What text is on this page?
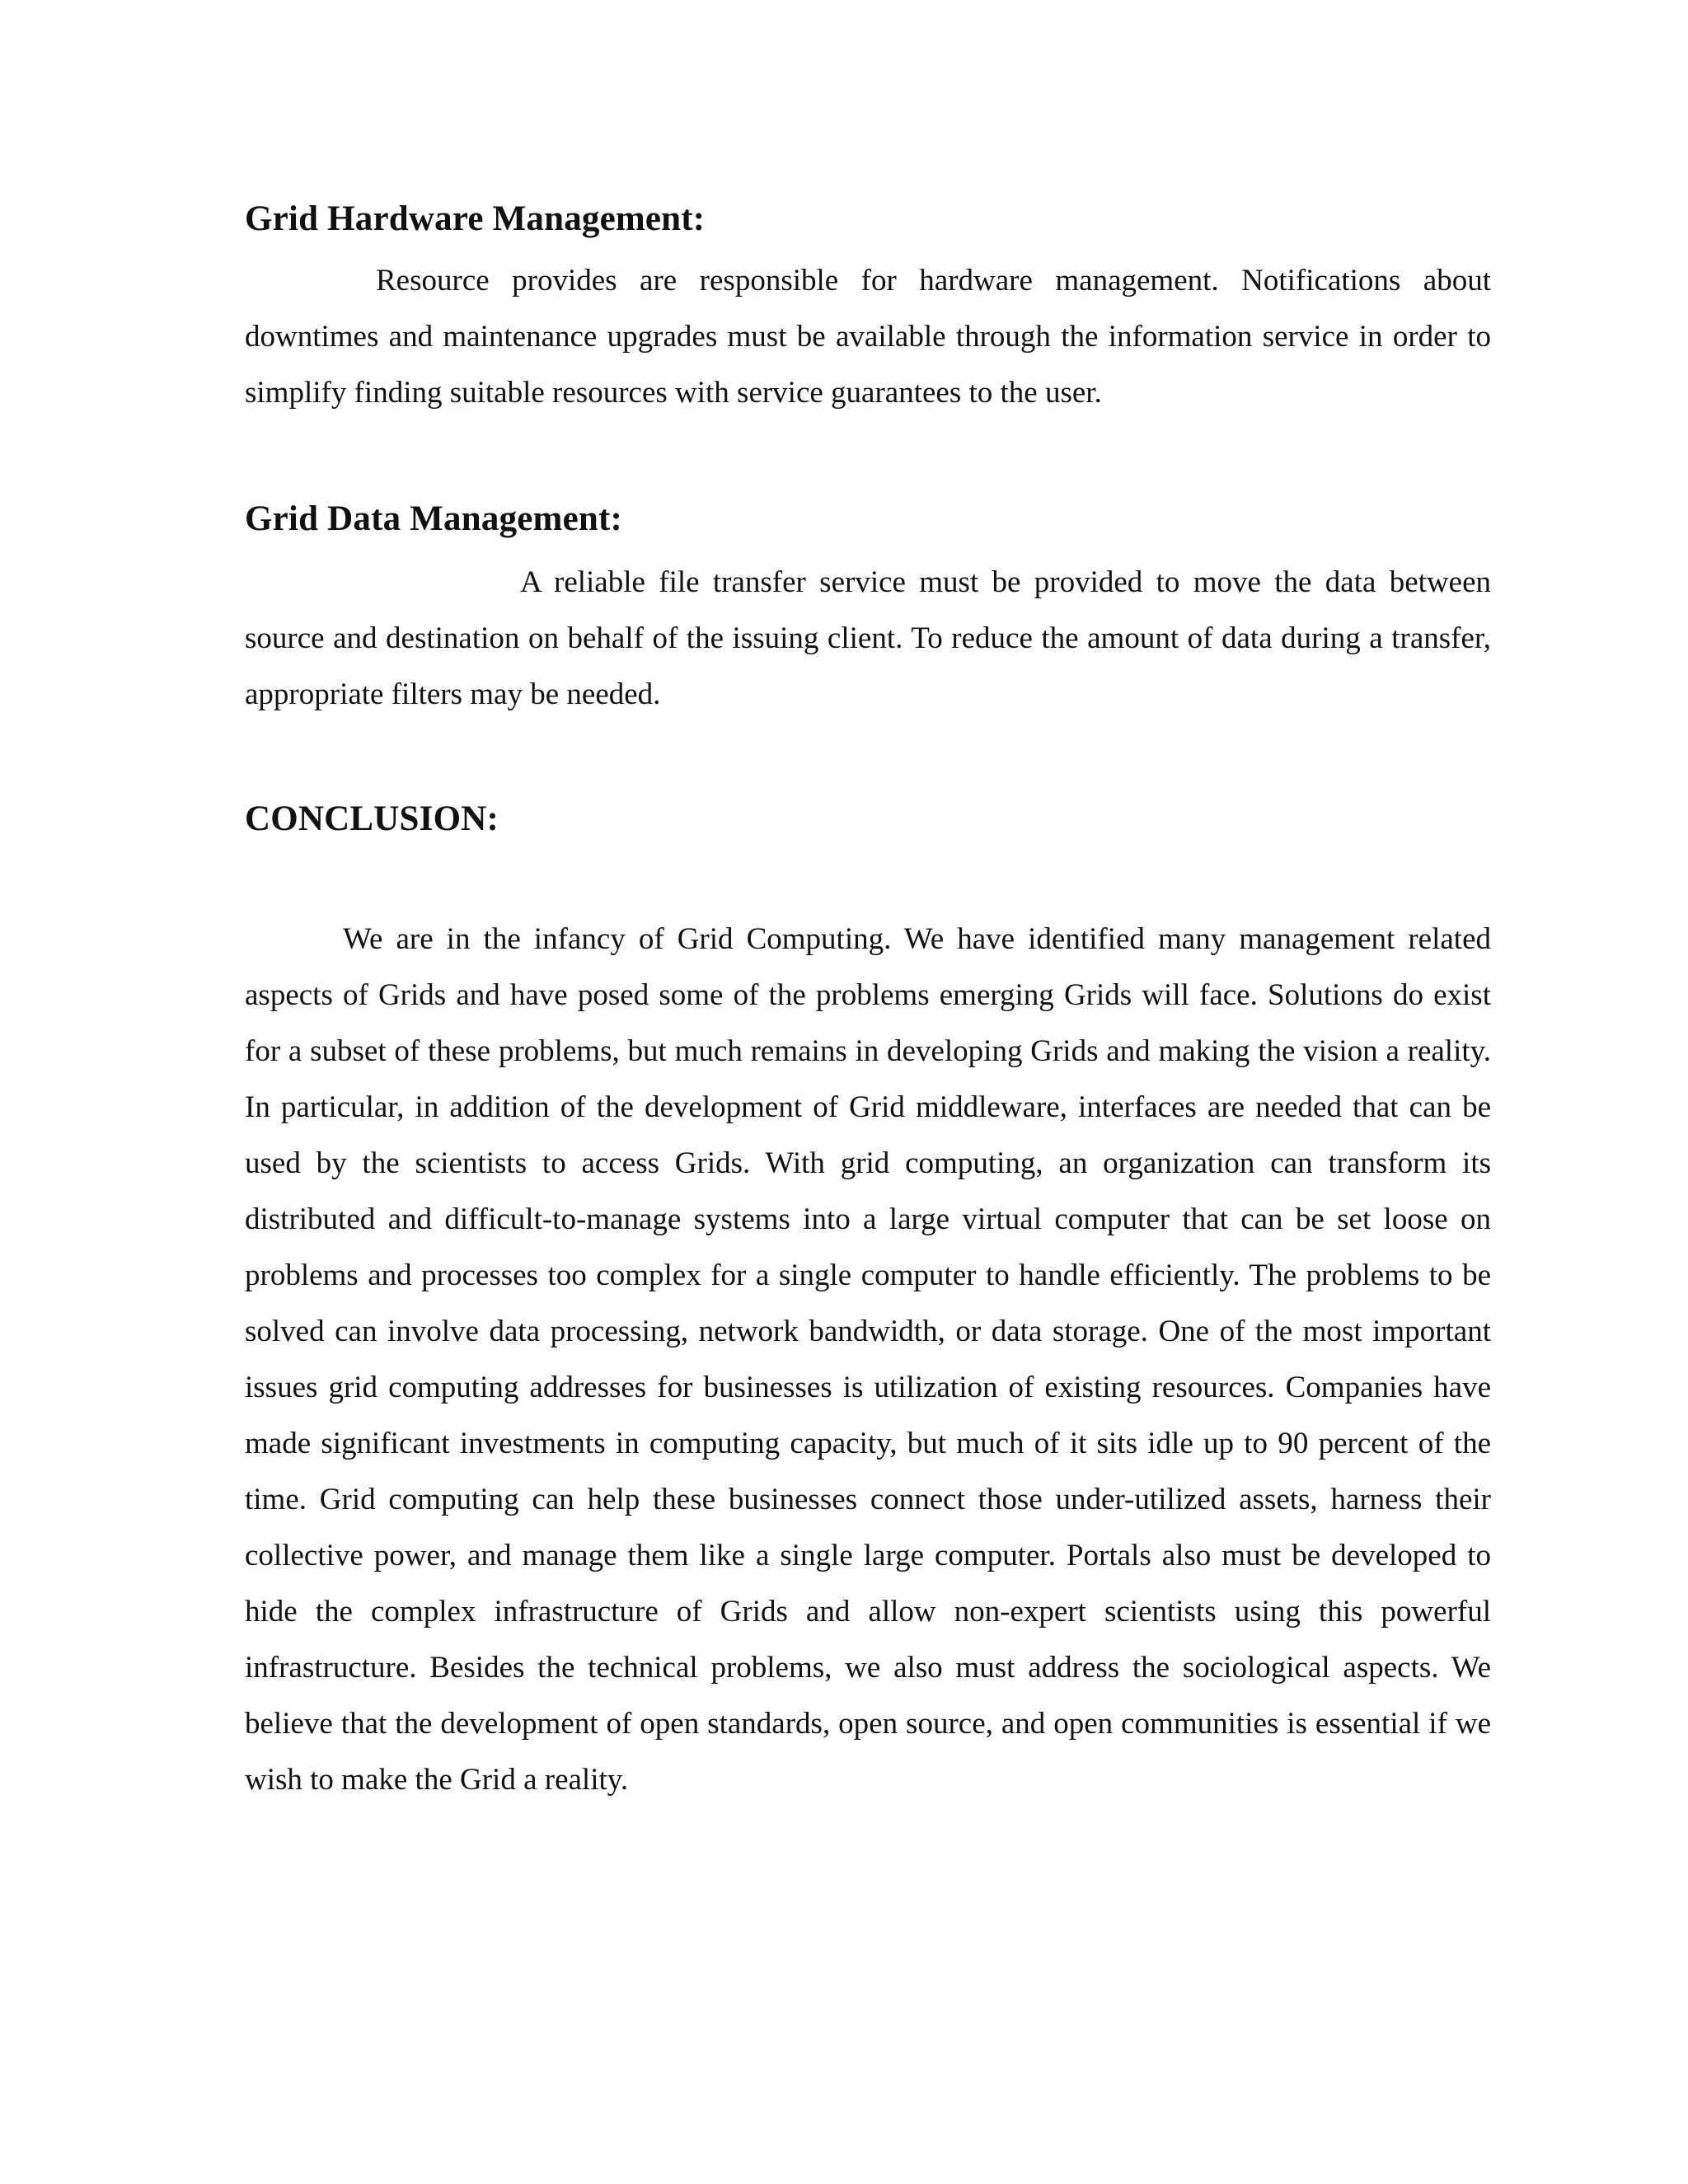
Grid Hardware Management:

Resource provides are responsible for hardware management. Notifications about downtimes and maintenance upgrades must be available through the information service in order to simplify finding suitable resources with service guarantees to the user.

Grid Data Management:

A reliable file transfer service must be provided to move the data between source and destination on behalf of the issuing client. To reduce the amount of data during a transfer, appropriate filters may be needed.

CONCLUSION:

We are in the infancy of Grid Computing. We have identified many management related aspects of Grids and have posed some of the problems emerging Grids will face. Solutions do exist for a subset of these problems, but much remains in developing Grids and making the vision a reality. In particular, in addition of the development of Grid middleware, interfaces are needed that can be used by the scientists to access Grids. With grid computing, an organization can transform its distributed and difficult-to-manage systems into a large virtual computer that can be set loose on problems and processes too complex for a single computer to handle efficiently. The problems to be solved can involve data processing, network bandwidth, or data storage. One of the most important issues grid computing addresses for businesses is utilization of existing resources. Companies have made significant investments in computing capacity, but much of it sits idle up to 90 percent of the time. Grid computing can help these businesses connect those under-utilized assets, harness their collective power, and manage them like a single large computer. Portals also must be developed to hide the complex infrastructure of Grids and allow non-expert scientists using this powerful infrastructure. Besides the technical problems, we also must address the sociological aspects. We believe that the development of open standards, open source, and open communities is essential if we wish to make the Grid a reality.
